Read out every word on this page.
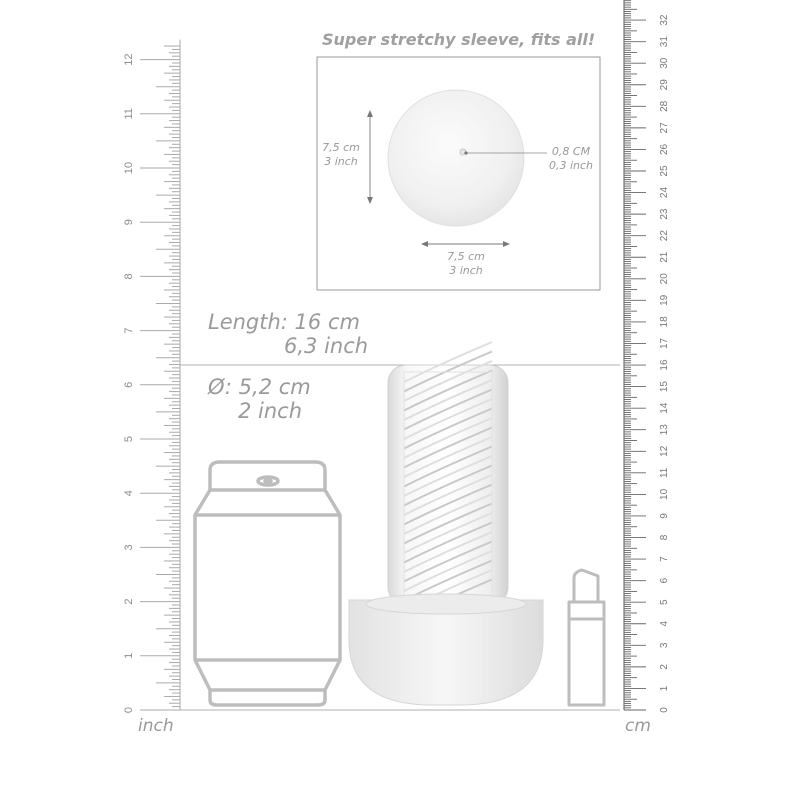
0
1
2
3
4
5
6
7
8
9
10
11
12
0
1
2
3
4
5
6
7
8
9
10
11
12
13
14
15
16
17
18
19
20
21
22
23
24
25
26
27
28
29
30
31
32
Super stretchy sleeve, fits all!
7,5 cm
3 inch
7,5 cm
3 inch
0,8 CM
0,3 inch
Length: 16 cm
6,3 inch
Ø: 5,2 cm
2 inch
inch	cm
